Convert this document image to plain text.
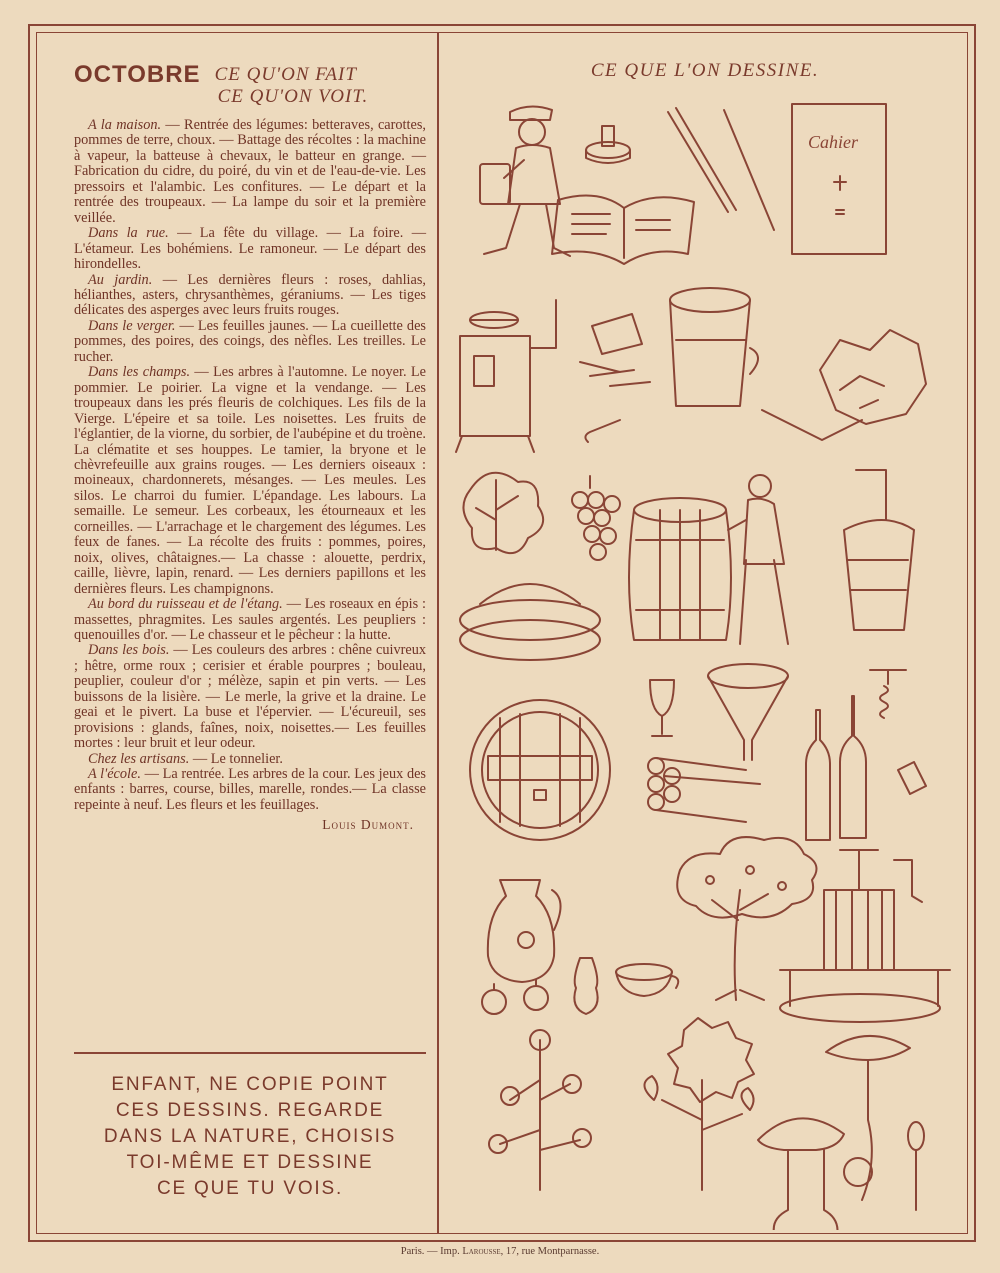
OCTOBRE CE QU'ON FAIT
CE QU'ON VOIT.

A la maison. — Rentrée des légumes: betteraves, carottes, pommes de terre, choux. — Battage des récoltes : la machine à vapeur, la batteuse à chevaux, le batteur en grange. — Fabrication du cidre, du poiré, du vin et de l'eau-de-vie. Les pressoirs et l'alambic. Les confitures. — Le départ et la rentrée des troupeaux. — La lampe du soir et la première veillée.

Dans la rue. — La fête du village. — La foire. — L'étameur. Les bohémiens. Le ramoneur. — Le départ des hirondelles.

Au jardin. — Les dernières fleurs : roses, dahlias, hélianthes, asters, chrysanthèmes, géraniums. — Les tiges délicates des asperges avec leurs fruits rouges.

Dans le verger. — Les feuilles jaunes. — La cueillette des pommes, des poires, des coings, des nèfles. Les treilles. Le rucher.

Dans les champs. — Les arbres à l'automne. Le noyer. Le pommier. Le poirier. La vigne et la vendange. — Les troupeaux dans les prés fleuris de colchiques. Les fils de la Vierge. L'épeire et sa toile. Les noisettes. Les fruits de l'églantier, de la viorne, du sorbier, de l'aubépine et du troène. La clématite et ses houppes. Le tamier, la bryone et le chèvrefeuille aux grains rouges. — Les derniers oiseaux : moineaux, chardonnerets, mésanges. — Les meules. Les silos. Le charroi du fumier. L'épandage. Les labours. La semaille. Le semeur. Les corbeaux, les étourneaux et les corneilles. — L'arrachage et le chargement des légumes. Les feux de fanes. — La récolte des fruits : pommes, poires, noix, olives, châtaignes.— La chasse : alouette, perdrix, caille, lièvre, lapin, renard. — Les derniers papillons et les dernières fleurs. Les champignons.

Au bord du ruisseau et de l'étang. — Les roseaux en épis : massettes, phragmites. Les saules argentés. Les peupliers : quenouilles d'or. — Le chasseur et le pêcheur : la hutte.

Dans les bois. — Les couleurs des arbres : chêne cuivreux ; hêtre, orme roux ; cerisier et érable pourpres ; bouleau, peuplier, couleur d'or ; mélèze, sapin et pin verts. — Les buissons de la lisière. — Le merle, la grive et la draine. Le geai et le pivert. La buse et l'épervier. — L'écureuil, ses provisions : glands, faînes, noix, noisettes.— Les feuilles mortes : leur bruit et leur odeur.

Chez les artisans. — Le tonnelier.

A l'école. — La rentrée. Les arbres de la cour. Les jeux des enfants : barres, course, billes, marelle, rondes.— La classe repeinte à neuf. Les fleurs et les feuillages.

Louis Dumont.
ENFANT, NE COPIE POINT
CES DESSINS. REGARDE
DANS LA NATURE, CHOISIS
TOI-MÊME ET DESSINE
CE QUE TU VOIS.
CE QUE L'ON DESSINE.
Cahier
Paris. — Imp. Larousse, 17, rue Montparnasse.
